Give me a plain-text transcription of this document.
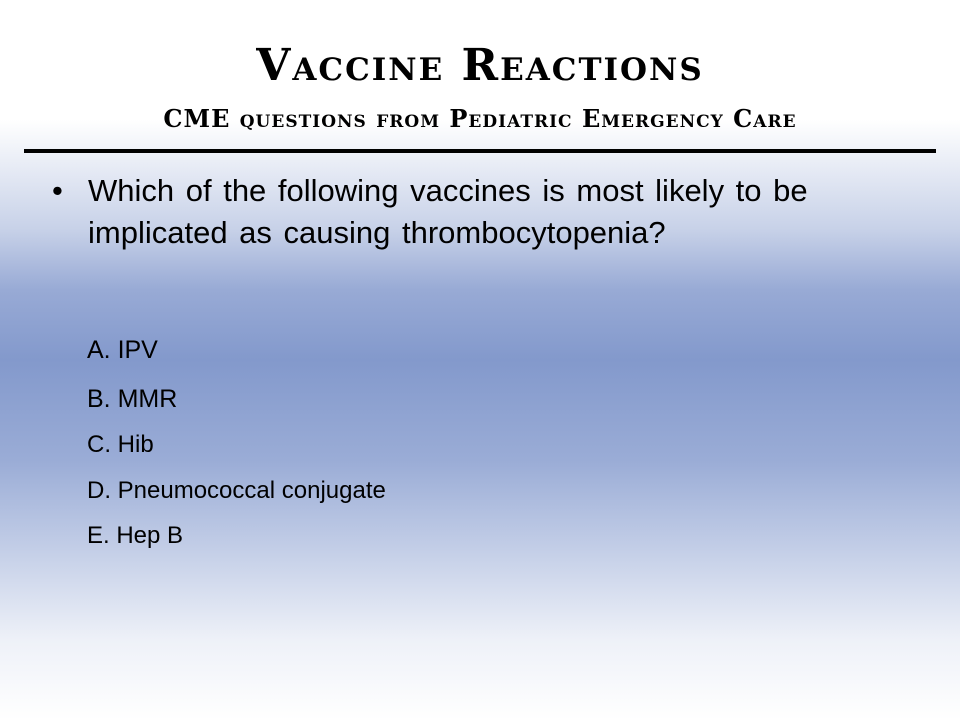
Vaccine Reactions
CME questions from Pediatric Emergency Care
• Which of the following vaccines is most likely to be implicated as causing thrombocytopenia?
A. IPV
B. MMR
C. Hib
D. Pneumococcal conjugate
E. Hep B
